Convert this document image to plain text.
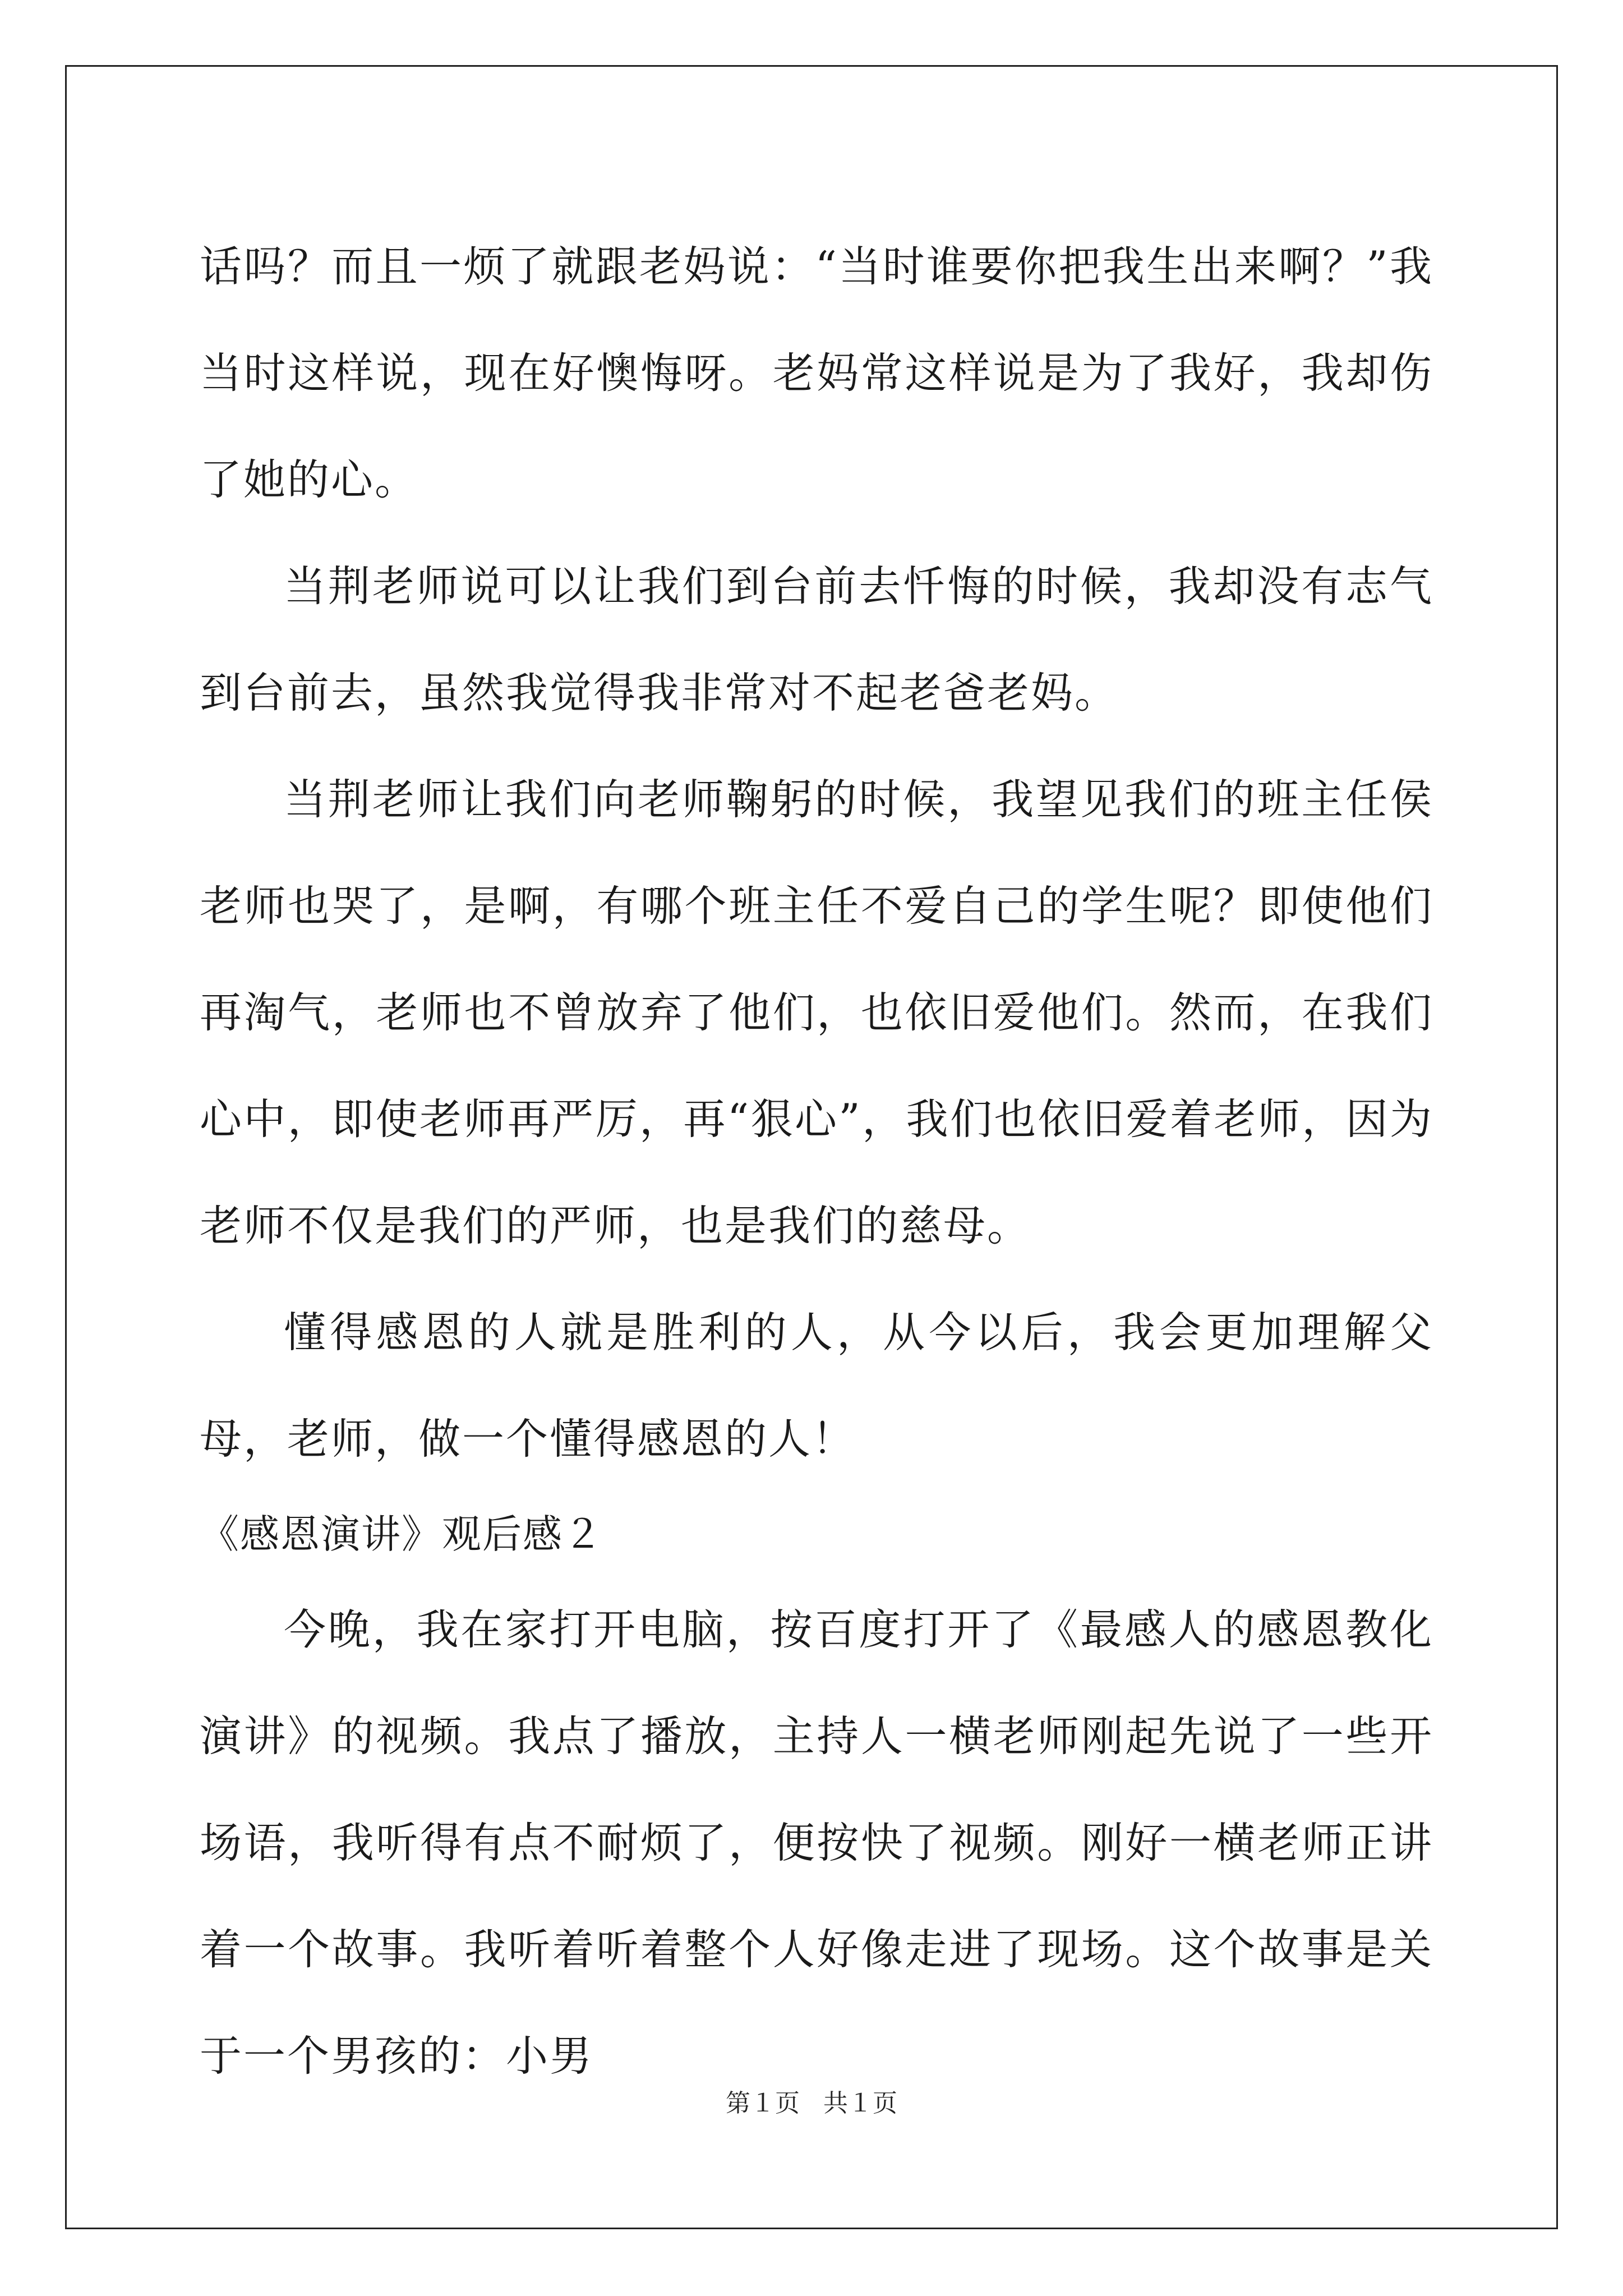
话吗？而且一烦了就跟老妈说：“当时谁要你把我生出来啊？”我当时这样说，现在好懊悔呀。老妈常这样说是为了我好，我却伤了她的心。

当荆老师说可以让我们到台前去忏悔的时候，我却没有志气到台前去，虽然我觉得我非常对不起老爸老妈。

当荆老师让我们向老师鞠躬的时候，我望见我们的班主任侯老师也哭了，是啊，有哪个班主任不爱自己的学生呢？即使他们再淘气，老师也不曾放弃了他们，也依旧爱他们。然而，在我们心中，即使老师再严厉，再“狠心”，我们也依旧爱着老师，因为老师不仅是我们的严师，也是我们的慈母。

懂得感恩的人就是胜利的人，从今以后，我会更加理解父母，老师，做一个懂得感恩的人！

《感恩演讲》观后感２

今晚，我在家打开电脑，按百度打开了《最感人的感恩教化演讲》的视频。我点了播放，主持人一横老师刚起先说了一些开场语，我听得有点不耐烦了，便按快了视频。刚好一横老师正讲着一个故事。我听着听着整个人好像走进了现场。这个故事是关于一个男孩的：小男

第１页 共１页
